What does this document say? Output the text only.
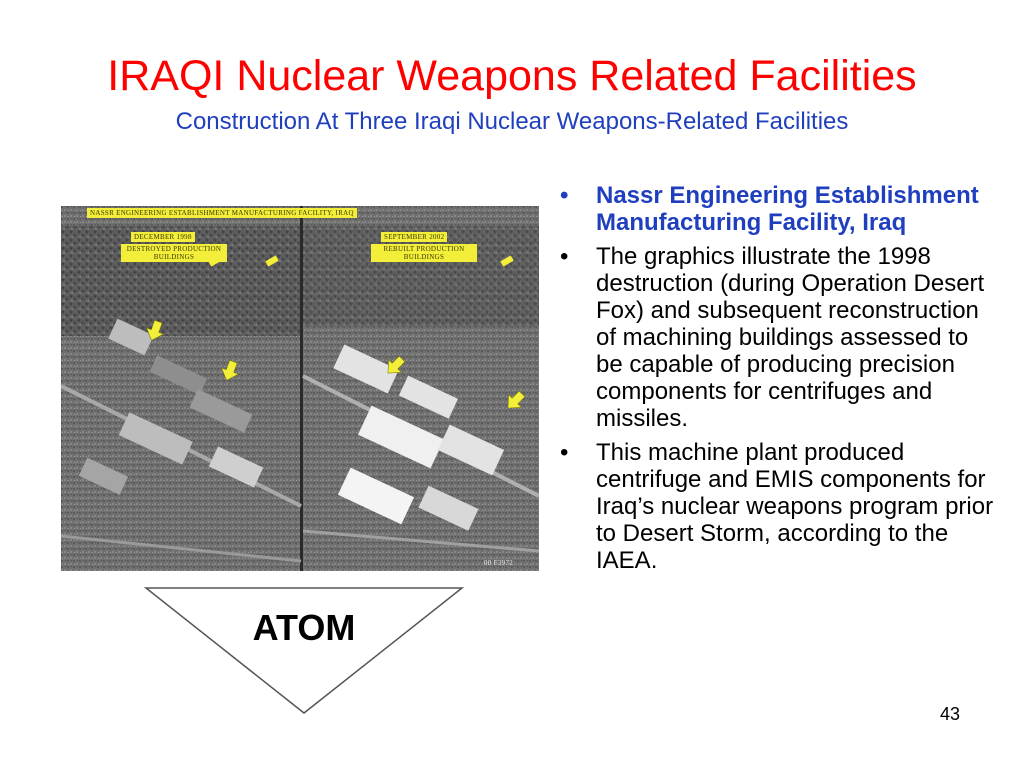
IRAQI Nuclear Weapons Related Facilities
Construction At Three Iraqi Nuclear Weapons-Related Facilities
NASSR ENGINEERING ESTABLISHMENT MANUFACTURING FACILITY, IRAQ
DECEMBER 1998
DESTROYED PRODUCTION BUILDINGS
SEPTEMBER 2002
REBUILT PRODUCTION BUILDINGS
00 F3972
ATOM
• Nassr Engineering Establishment Manufacturing Facility, Iraq
• The graphics illustrate the 1998 destruction (during Operation Desert Fox) and subsequent reconstruction of machining buildings assessed to be capable of producing precision components for centrifuges and missiles.
• This machine plant produced centrifuge and EMIS components for Iraq’s nuclear weapons program prior to Desert Storm, according to the IAEA.
43
